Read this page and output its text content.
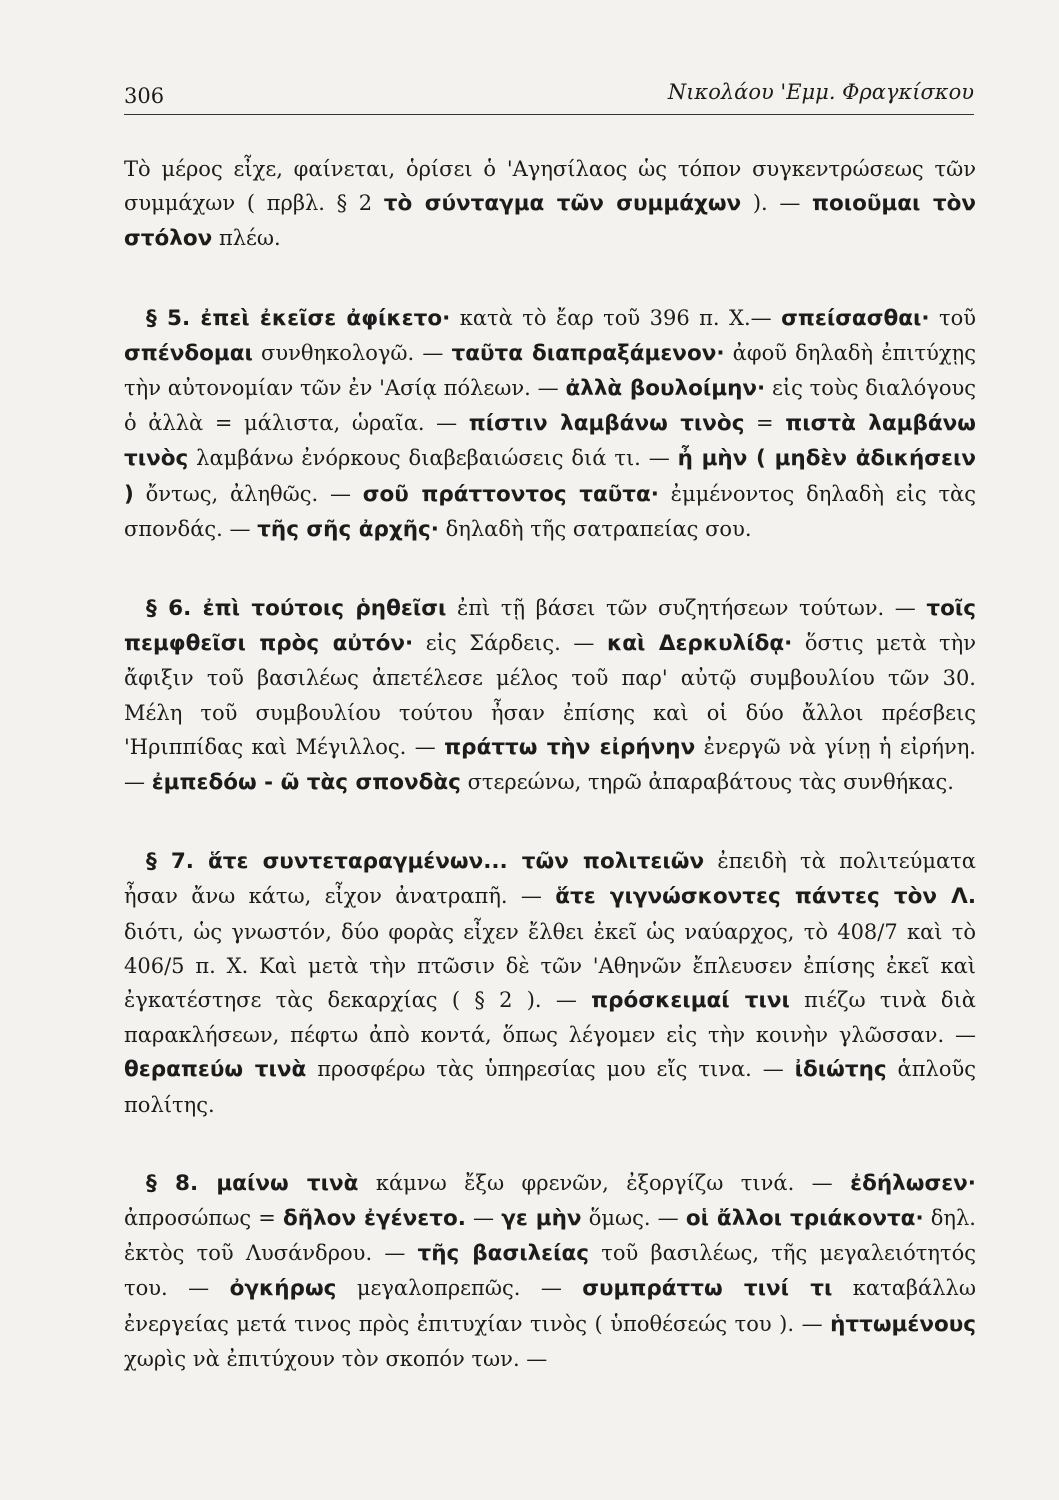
306	Νικολάου 'Εμμ. Φραγκίσκου

Τὸ μέρος εἶχε, φαίνεται, ὁρίσει ὁ 'Αγησίλαος ὡς τόπον συγκεντρώσεως τῶν συμμάχων ( πρβλ. § 2 τὸ σύνταγμα τῶν συμμάχων ). — ποιοῦμαι τὸν στόλον πλέω.

§ 5. ἐπεὶ ἐκεῖσε ἀφίκετο· κατὰ τὸ ἔαρ τοῦ 396 π. Χ.— σπείσασθαι· τοῦ σπένδομαι συνθηκολογῶ. — ταῦτα διαπραξάμενον· ἀφοῦ δηλαδὴ ἐπιτύχῃς τὴν αὐτονομίαν τῶν ἐν 'Ασίᾳ πόλεων. — ἀλλὰ βουλοίμην· εἰς τοὺς διαλόγους ὁ ἀλλὰ = μάλιστα, ὡραῖα. — πίστιν λαμβάνω τινὸς = πιστὰ λαμβάνω τινὸς λαμβάνω ἐνόρκους διαβεβαιώσεις διά τι. — ἦ μὴν ( μηδὲν ἀδικήσειν ) ὄντως, ἀληθῶς. — σοῦ πράττοντος ταῦτα· ἐμμένοντος δηλαδὴ εἰς τὰς σπονδάς. — τῆς σῆς ἀρχῆς· δηλαδὴ τῆς σατραπείας σου.

§ 6. ἐπὶ τούτοις ῥηθεῖσι ἐπὶ τῇ βάσει τῶν συζητήσεων τούτων. — τοῖς πεμφθεῖσι πρὸς αὐτόν· εἰς Σάρδεις. — καὶ Δερκυλίδᾳ· ὅστις μετὰ τὴν ἄφιξιν τοῦ βασιλέως ἀπετέλεσε μέλος τοῦ παρ' αὐτῷ συμβουλίου τῶν 30. Μέλη τοῦ συμβουλίου τούτου ἦσαν ἐπίσης καὶ οἱ δύο ἄλλοι πρέσβεις 'Ηριππίδας καὶ Μέγιλλος. — πράττω τὴν εἰρήνην ἐνεργῶ νὰ γίνῃ ἡ εἰρήνη. — ἐμπεδόω - ῶ τὰς σπονδὰς στερεώνω, τηρῶ ἀπαραβάτους τὰς συνθήκας.

§ 7. ἅτε συντεταραγμένων... τῶν πολιτειῶν ἐπειδὴ τὰ πολιτεύματα ἦσαν ἄνω κάτω, εἶχον ἀνατραπῆ. — ἅτε γιγνώσκοντες πάντες τὸν Λ. διότι, ὡς γνωστόν, δύο φορὰς εἶχεν ἔλθει ἐκεῖ ὡς ναύαρχος, τὸ 408/7 καὶ τὸ 406/5 π. Χ. Καὶ μετὰ τὴν πτῶσιν δὲ τῶν 'Αθηνῶν ἔπλευσεν ἐπίσης ἐκεῖ καὶ ἐγκατέστησε τὰς δεκαρχίας ( § 2 ). — πρόσκειμαί τινι πιέζω τινὰ διὰ παρακλήσεων, πέφτω ἀπὸ κοντά, ὅπως λέγομεν εἰς τὴν κοινὴν γλῶσσαν. — θεραπεύω τινὰ προσφέρω τὰς ὑπηρεσίας μου εἴς τινα. — ἰδιώτης ἁπλοῦς πολίτης.

§ 8. μαίνω τινὰ κάμνω ἔξω φρενῶν, ἐξοργίζω τινά. — ἐδήλωσεν· ἀπροσώπως = δῆλον ἐγένετο. — γε μὴν ὅμως. — οἱ ἄλλοι τριάκοντα· δηλ. ἐκτὸς τοῦ Λυσάνδρου. — τῆς βασιλείας τοῦ βασιλέως, τῆς μεγαλειότητός του. — ὀγκήρως μεγαλοπρεπῶς. — συμπράττω τινί τι καταβάλλω ἐνεργείας μετά τινος πρὸς ἐπιτυχίαν τινὸς ( ὑποθέσεώς του ). — ἡττωμένους χωρὶς νὰ ἐπιτύχουν τὸν σκοπόν των. —
